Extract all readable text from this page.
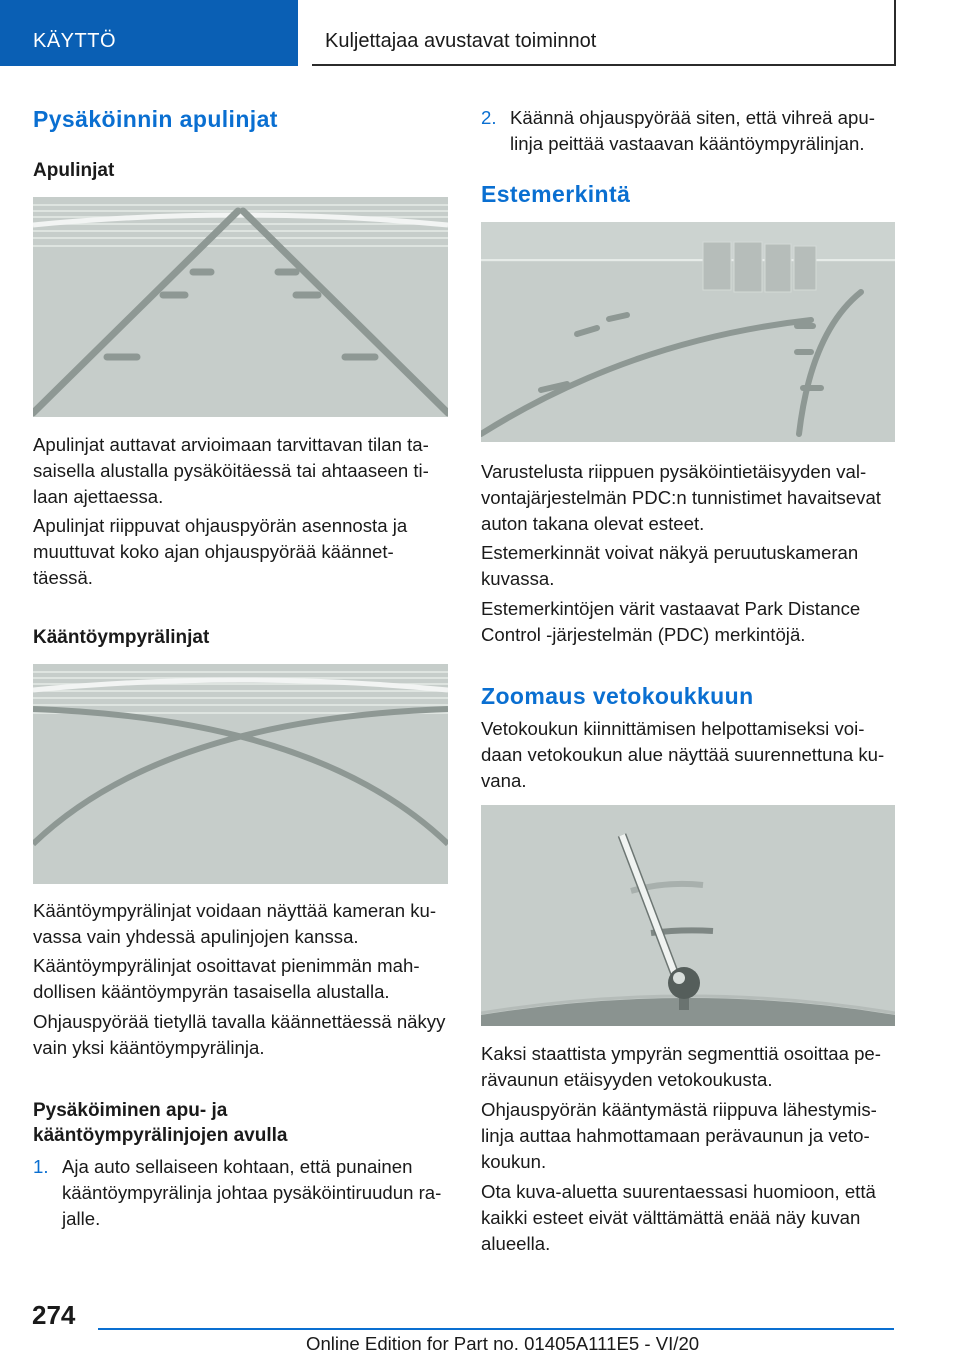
KÄYTTÖ	Kuljettajaa avustavat toiminnot
Pysäköinnin apulinjat
Apulinjat
Apulinjat auttavat arvioimaan tarvittavan tilan ta-
saisella alustalla pysäköitäessä tai ahtaaseen ti-
laan ajettaessa.
Apulinjat riippuvat ohjauspyörän asennosta ja
muuttuvat koko ajan ohjauspyörää käännet-
täessä.
Kääntöympyrälinjat
Kääntöympyrälinjat voidaan näyttää kameran ku-
vassa vain yhdessä apulinjojen kanssa.
Kääntöympyrälinjat osoittavat pienimmän mah-
dollisen kääntöympyrän tasaisella alustalla.
Ohjauspyörää tietyllä tavalla käännettäessä näkyy
vain yksi kääntöympyrälinja.
Pysäköiminen apu- ja
kääntöympyrälinjojen avulla
1. Aja auto sellaiseen kohtaan, että punainen
kääntöympyrälinja johtaa pysäköintiruudun ra-
jalle.
2. Käännä ohjauspyörää siten, että vihreä apu-
linja peittää vastaavan kääntöympyrälinjan.
Estemerkintä
Varustelusta riippuen pysäköintietäisyyden val-
vontajärjestelmän PDC:n tunnistimet havaitsevat
auton takana olevat esteet.
Estemerkinnät voivat näkyä peruutuskameran
kuvassa.
Estemerkintöjen värit vastaavat Park Distance
Control -järjestelmän (PDC) merkintöjä.
Zoomaus vetokoukkuun
Vetokoukun kiinnittämisen helpottamiseksi voi-
daan vetokoukun alue näyttää suurennettuna ku-
vana.
Kaksi staattista ympyrän segmenttiä osoittaa pe-
rävaunun etäisyyden vetokoukusta.
Ohjauspyörän kääntymästä riippuva lähestymis-
linja auttaa hahmottamaan perävaunun ja veto-
koukun.
Ota kuva-aluetta suurentaessasi huomioon, että
kaikki esteet eivät välttämättä enää näy kuvan
alueella.
274
Online Edition for Part no. 01405A111E5 - VI/20
